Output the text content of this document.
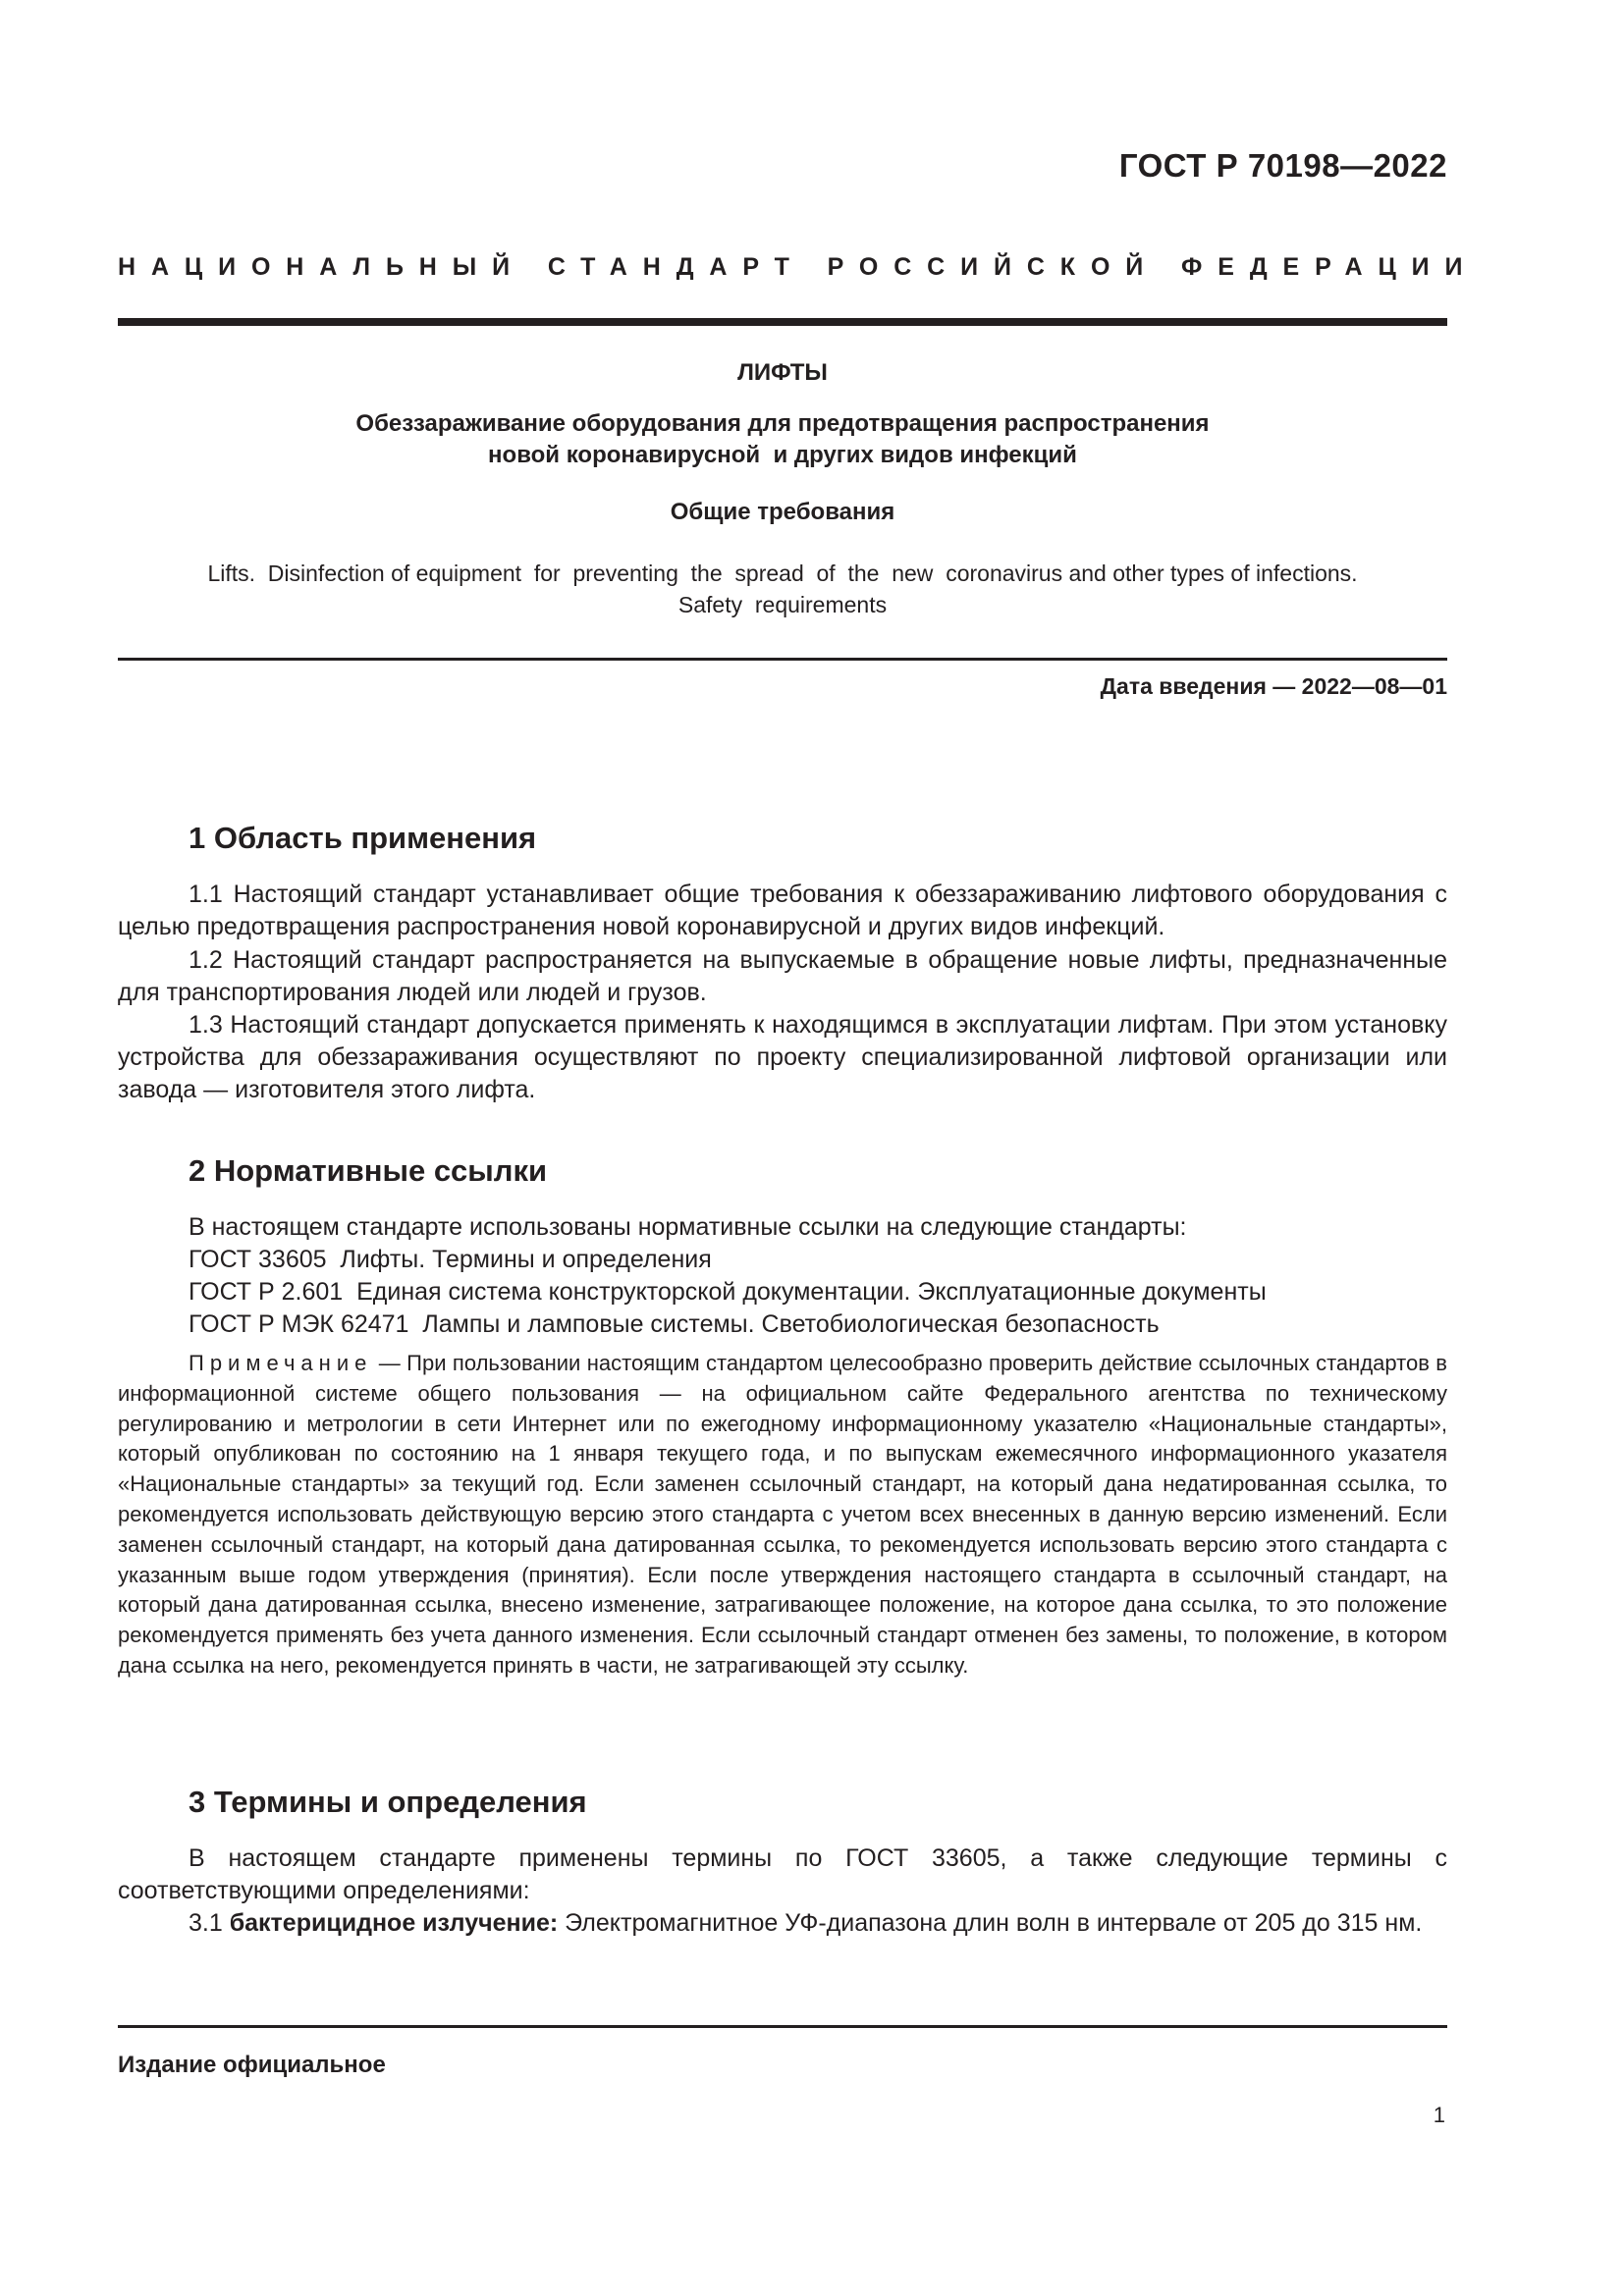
ГОСТ Р 70198—2022
НАЦИОНАЛЬНЫЙ СТАНДАРТ РОССИЙСКОЙ ФЕДЕРАЦИИ
ЛИФТЫ
Обеззараживание оборудования для предотвращения распространения
новой коронавирусной  и других видов инфекций
Общие требования
Lifts.  Disinfection of equipment  for  preventing  the  spread  of  the  new  coronavirus and other types of infections.
Safety  requirements
Дата введения — 2022—08—01
1 Область применения
1.1 Настоящий стандарт устанавливает общие требования к обеззараживанию лифтового оборудования с целью предотвращения распространения новой коронавирусной и других видов инфекций.
1.2 Настоящий стандарт распространяется на выпускаемые в обращение новые лифты, предназначенные для транспортирования людей или людей и грузов.
1.3 Настоящий стандарт допускается применять к находящимся в эксплуатации лифтам. При этом установку устройства для обеззараживания осуществляют по проекту специализированной лифтовой организации или завода — изготовителя этого лифта.
2 Нормативные ссылки
В настоящем стандарте использованы нормативные ссылки на следующие стандарты:
ГОСТ 33605  Лифты. Термины и определения
ГОСТ Р 2.601  Единая система конструкторской документации. Эксплуатационные документы
ГОСТ Р МЭК 62471  Лампы и ламповые системы. Светобиологическая безопасность
Примечание — При пользовании настоящим стандартом целесообразно проверить действие ссылочных стандартов в информационной системе общего пользования — на официальном сайте Федерального агентства по техническому регулированию и метрологии в сети Интернет или по ежегодному информационному указателю «Национальные стандарты», который опубликован по состоянию на 1 января текущего года, и по выпускам ежемесячного информационного указателя «Национальные стандарты» за текущий год. Если заменен ссылочный стандарт, на который дана недатированная ссылка, то рекомендуется использовать действующую версию этого стандарта с учетом всех внесенных в данную версию изменений. Если заменен ссылочный стандарт, на который дана датированная ссылка, то рекомендуется использовать версию этого стандарта с указанным выше годом утверждения (принятия). Если после утверждения настоящего стандарта в ссылочный стандарт, на который дана датированная ссылка, внесено изменение, затрагивающее положение, на которое дана ссылка, то это положение рекомендуется применять без учета данного изменения. Если ссылочный стандарт отменен без замены, то положение, в котором дана ссылка на него, рекомендуется принять в части, не затрагивающей эту ссылку.
3 Термины и определения
В настоящем стандарте применены термины по ГОСТ 33605, а также следующие термины с соответствующими определениями:
3.1 бактерицидное излучение: Электромагнитное УФ-диапазона длин волн в интервале от 205 до 315 нм.
Издание официальное
1
